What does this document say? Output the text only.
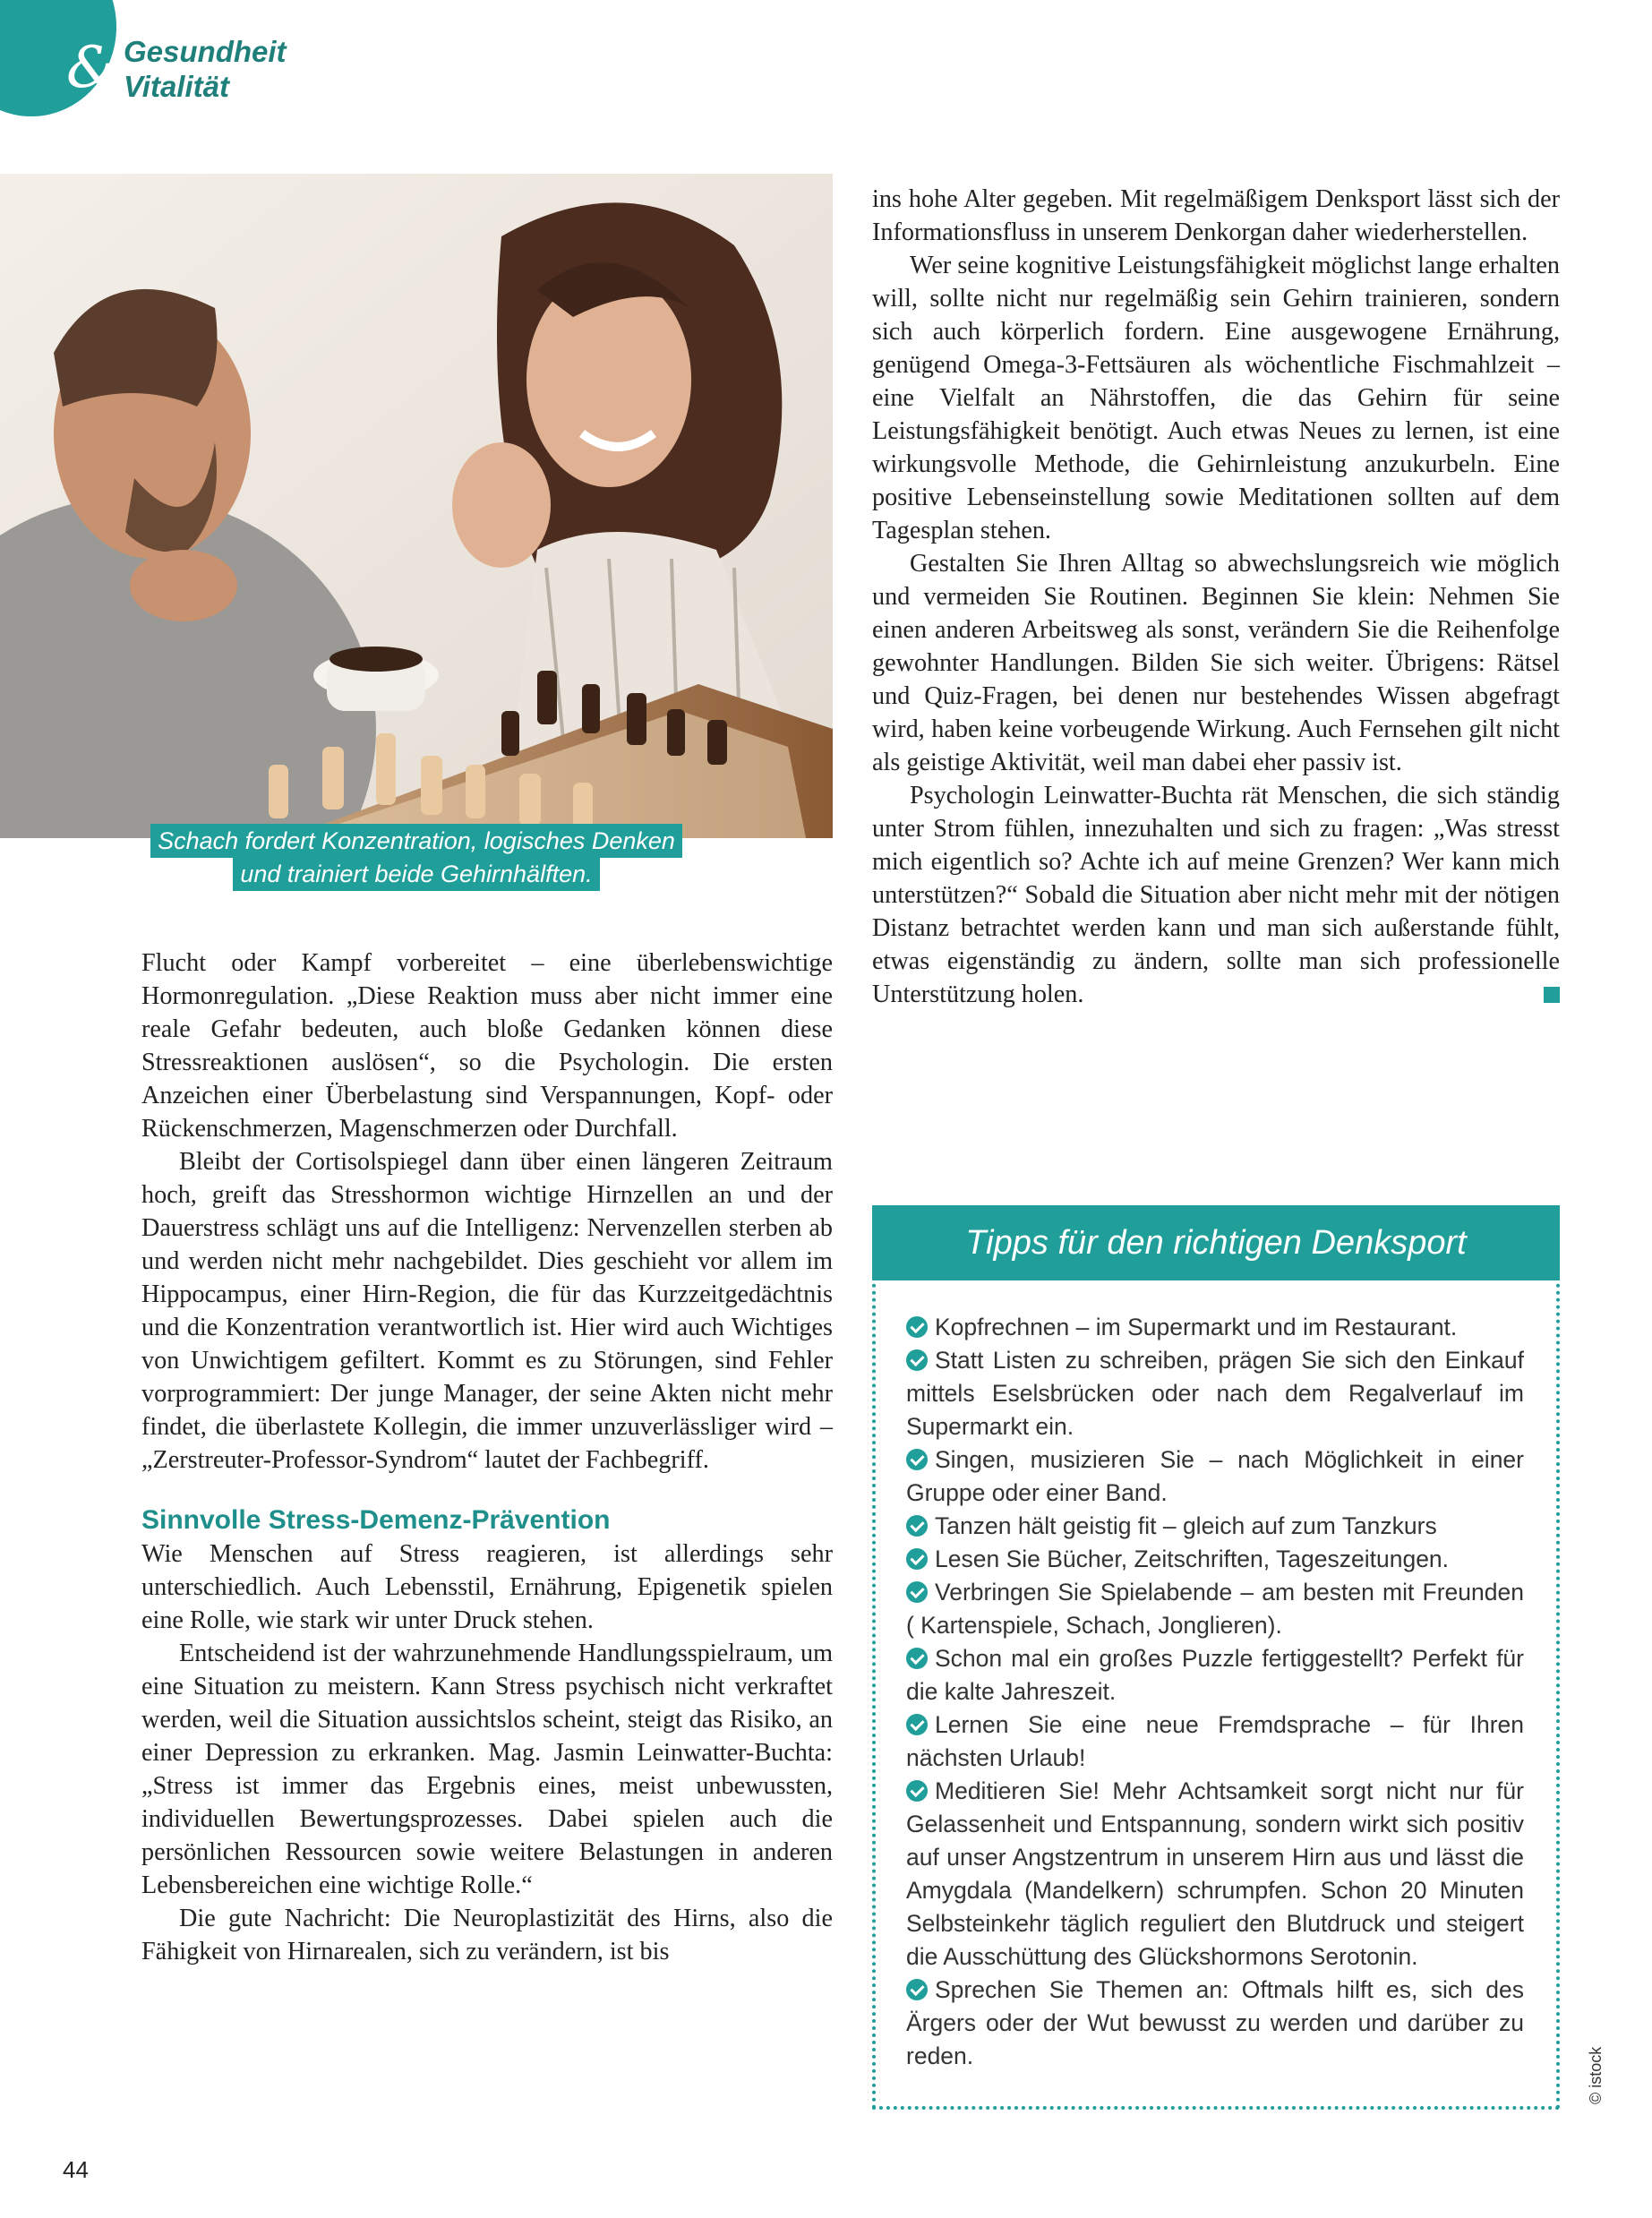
& Gesundheit
Vitalität
Schach fordert Konzentration, logisches Denken
und trainiert beide Gehirnhälften.

Flucht oder Kampf vorbereitet – eine überlebenswichtige Hormonregulation. „Diese Reaktion muss aber nicht immer eine reale Gefahr bedeuten, auch bloße Gedanken können diese Stressreaktionen auslösen“, so die Psychologin. Die ersten Anzeichen einer Überbelastung sind Verspannungen, Kopf- oder Rückenschmerzen, Magenschmerzen oder Durchfall.

Bleibt der Cortisolspiegel dann über einen längeren Zeitraum hoch, greift das Stresshormon wichtige Hirnzellen an und der Dauerstress schlägt uns auf die Intelligenz: Nervenzellen sterben ab und werden nicht mehr nachgebildet. Dies geschieht vor allem im Hippocampus, einer Hirn-Region, die für das Kurzzeitgedächtnis und die Konzentration verantwortlich ist. Hier wird auch Wichtiges von Unwichtigem gefiltert. Kommt es zu Störungen, sind Fehler vorprogrammiert: Der junge Manager, der seine Akten nicht mehr findet, die überlastete Kollegin, die immer unzuverlässliger wird – „Zerstreuter-Professor-Syndrom“ lautet der Fachbegriff.

Sinnvolle Stress-Demenz-Prävention

Wie Menschen auf Stress reagieren, ist allerdings sehr unterschiedlich. Auch Lebensstil, Ernährung, Epigenetik spielen eine Rolle, wie stark wir unter Druck stehen.

Entscheidend ist der wahrzunehmende Handlungsspielraum, um eine Situation zu meistern. Kann Stress psychisch nicht verkraftet werden, weil die Situation aussichtslos scheint, steigt das Risiko, an einer Depression zu erkranken. Mag. Jasmin Leinwatter-Buchta: „Stress ist immer das Ergebnis eines, meist unbewussten, individuellen Bewertungsprozesses. Dabei spielen auch die persönlichen Ressourcen sowie weitere Belastungen in anderen Lebensbereichen eine wichtige Rolle.“

Die gute Nachricht: Die Neuroplastizität des Hirns, also die Fähigkeit von Hirnarealen, sich zu verändern, ist bis

ins hohe Alter gegeben. Mit regelmäßigem Denksport lässt sich der Informationsfluss in unserem Denkorgan daher wiederherstellen.

Wer seine kognitive Leistungsfähigkeit möglichst lange erhalten will, sollte nicht nur regelmäßig sein Gehirn trainieren, sondern sich auch körperlich fordern. Eine ausgewogene Ernährung, genügend Omega-3-Fettsäuren als wöchentliche Fischmahlzeit – eine Vielfalt an Nährstoffen, die das Gehirn für seine Leistungsfähigkeit benötigt. Auch etwas Neues zu lernen, ist eine wirkungsvolle Methode, die Gehirnleistung anzukurbeln. Eine positive Lebenseinstellung sowie Meditationen sollten auf dem Tagesplan stehen.

Gestalten Sie Ihren Alltag so abwechslungsreich wie möglich und vermeiden Sie Routinen. Beginnen Sie klein: Nehmen Sie einen anderen Arbeitsweg als sonst, verändern Sie die Reihenfolge gewohnter Handlungen. Bilden Sie sich weiter. Übrigens: Rätsel und Quiz-Fragen, bei denen nur bestehendes Wissen abgefragt wird, haben keine vorbeugende Wirkung. Auch Fernsehen gilt nicht als geistige Aktivität, weil man dabei eher passiv ist.

Psychologin Leinwatter-Buchta rät Menschen, die sich ständig unter Strom fühlen, innezuhalten und sich zu fragen: „Was stresst mich eigentlich so? Achte ich auf meine Grenzen? Wer kann mich unterstützen?“ Sobald die Situation aber nicht mehr mit der nötigen Distanz betrachtet werden kann und man sich außerstande fühlt, etwas eigenständig zu ändern, sollte man sich professionelle Unterstützung holen.

Tipps für den richtigen Denksport
Kopfrechnen – im Supermarkt und im Restaurant.
Statt Listen zu schreiben, prägen Sie sich den Einkauf mittels Eselsbrücken oder nach dem Regalverlauf im Supermarkt ein.
Singen, musizieren Sie – nach Möglichkeit in einer Gruppe oder einer Band.
Tanzen hält geistig fit – gleich auf zum Tanzkurs
Lesen Sie Bücher, Zeitschriften, Tageszeitungen.
Verbringen Sie Spielabende – am besten mit Freunden ( Kartenspiele, Schach, Jonglieren).
Schon mal ein großes Puzzle fertiggestellt? Perfekt für die kalte Jahreszeit.
Lernen Sie eine neue Fremdsprache – für Ihren nächsten Urlaub!
Meditieren Sie! Mehr Achtsamkeit sorgt nicht nur für Gelassenheit und Entspannung, sondern wirkt sich positiv auf unser Angstzentrum in unserem Hirn aus und lässt die Amygdala (Mandelkern) schrumpfen. Schon 20 Minuten Selbsteinkehr täglich reguliert den Blutdruck und steigert die Ausschüttung des Glückshormons Serotonin.
Sprechen Sie Themen an: Oftmals hilft es, sich des Ärgers oder der Wut bewusst zu werden und darüber zu reden.	© istock
44
